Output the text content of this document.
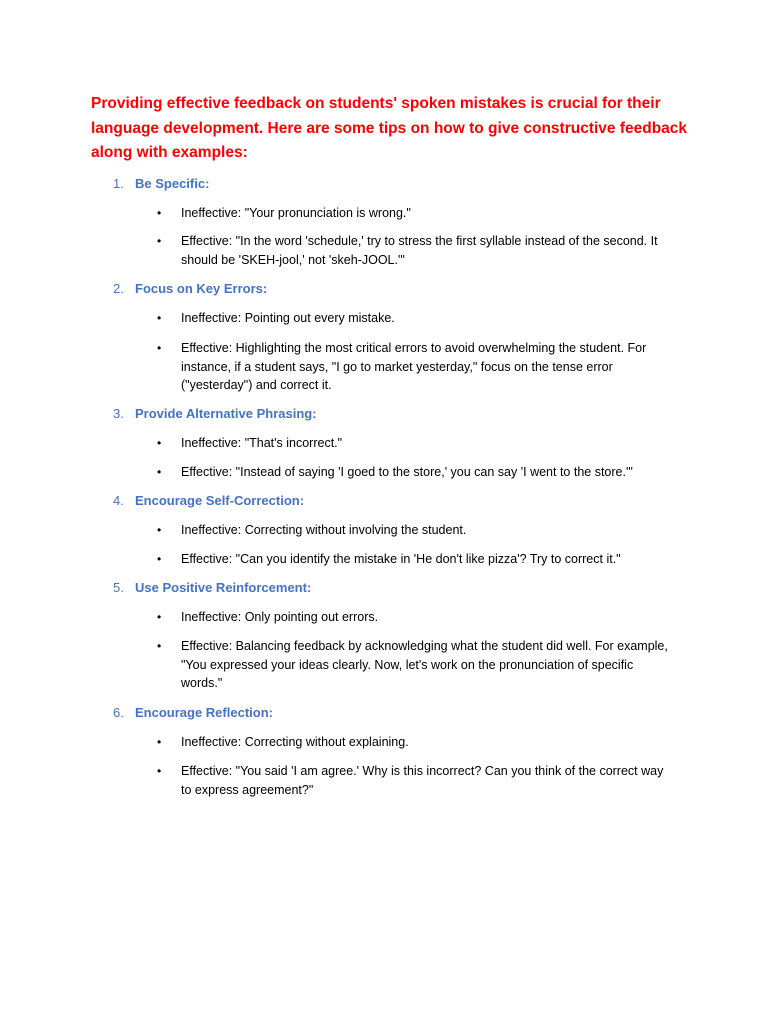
Providing effective feedback on students' spoken mistakes is crucial for their language development. Here are some tips on how to give constructive feedback along with examples:

1. Be Specific:
• Ineffective: "Your pronunciation is wrong."
• Effective: "In the word 'schedule,' try to stress the first syllable instead of the second. It should be 'SKEH-jool,' not 'skeh-JOOL.'"
2. Focus on Key Errors:
• Ineffective: Pointing out every mistake.
• Effective: Highlighting the most critical errors to avoid overwhelming the student. For instance, if a student says, "I go to market yesterday," focus on the tense error ("yesterday") and correct it.
3. Provide Alternative Phrasing:
• Ineffective: "That's incorrect."
• Effective: "Instead of saying 'I goed to the store,' you can say 'I went to the store.'"
4. Encourage Self-Correction:
• Ineffective: Correcting without involving the student.
• Effective: "Can you identify the mistake in 'He don't like pizza'? Try to correct it."
5. Use Positive Reinforcement:
• Ineffective: Only pointing out errors.
• Effective: Balancing feedback by acknowledging what the student did well. For example, "You expressed your ideas clearly. Now, let's work on the pronunciation of specific words."
6. Encourage Reflection:
• Ineffective: Correcting without explaining.
• Effective: "You said 'I am agree.' Why is this incorrect? Can you think of the correct way to express agreement?"
